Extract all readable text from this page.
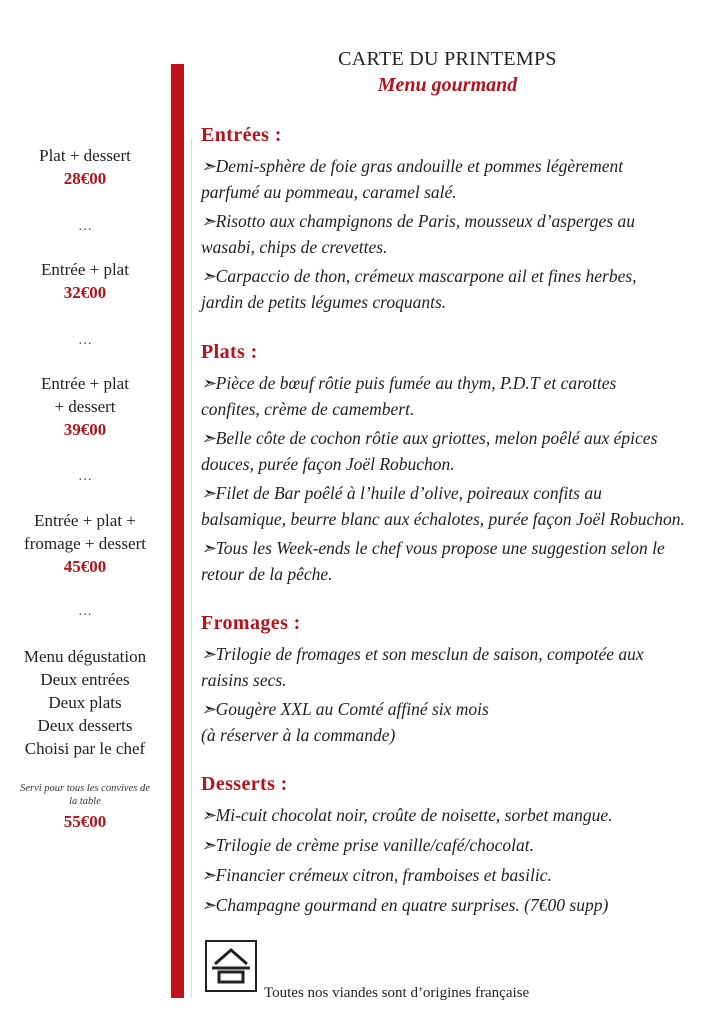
CARTE DU PRINTEMPS
Menu gourmand
Plat + dessert
28€00
…
Entrée + plat
32€00
…
Entrée + plat
+ dessert
39€00
…
Entrée + plat +
fromage + dessert
45€00
…
Menu dégustation
Deux entrées
Deux plats
Deux desserts
Choisi par le chef
Servi pour tous les convives de
la table
55€00
Entrées :
➣Demi-sphère de foie gras andouille et pommes légèrement
parfumé au pommeau, caramel salé.
➣Risotto aux champignons de Paris, mousseux d’asperges au
wasabi, chips de crevettes.
➣Carpaccio de thon, crémeux mascarpone ail et fines herbes,
jardin de petits légumes croquants.
Plats :
➣Pièce de bœuf rôtie puis fumée au thym, P.D.T et carottes
confites, crème de camembert.
➣Belle côte de cochon rôtie aux griottes, melon poêlé aux épices
douces, purée façon Joël Robuchon.
➣Filet de Bar poêlé à l’huile d’olive, poireaux confits au
balsamique, beurre blanc aux échalotes, purée façon Joël Robuchon.
➣Tous les Week-ends le chef vous propose une suggestion selon le
retour de la pêche.
Fromages :
➣Trilogie de fromages et son mesclun de saison, compotée aux
raisins secs.
➣Gougère XXL au Comté affiné six mois
(à réserver à la commande)
Desserts :
➣Mi-cuit chocolat noir, croûte de noisette, sorbet mangue.
➣Trilogie de crème prise vanille/café/chocolat.
➣Financier crémeux citron, framboises et basilic.
➣Champagne gourmand en quatre surprises. (7€00 supp)
Toutes nos viandes sont d’origines française
